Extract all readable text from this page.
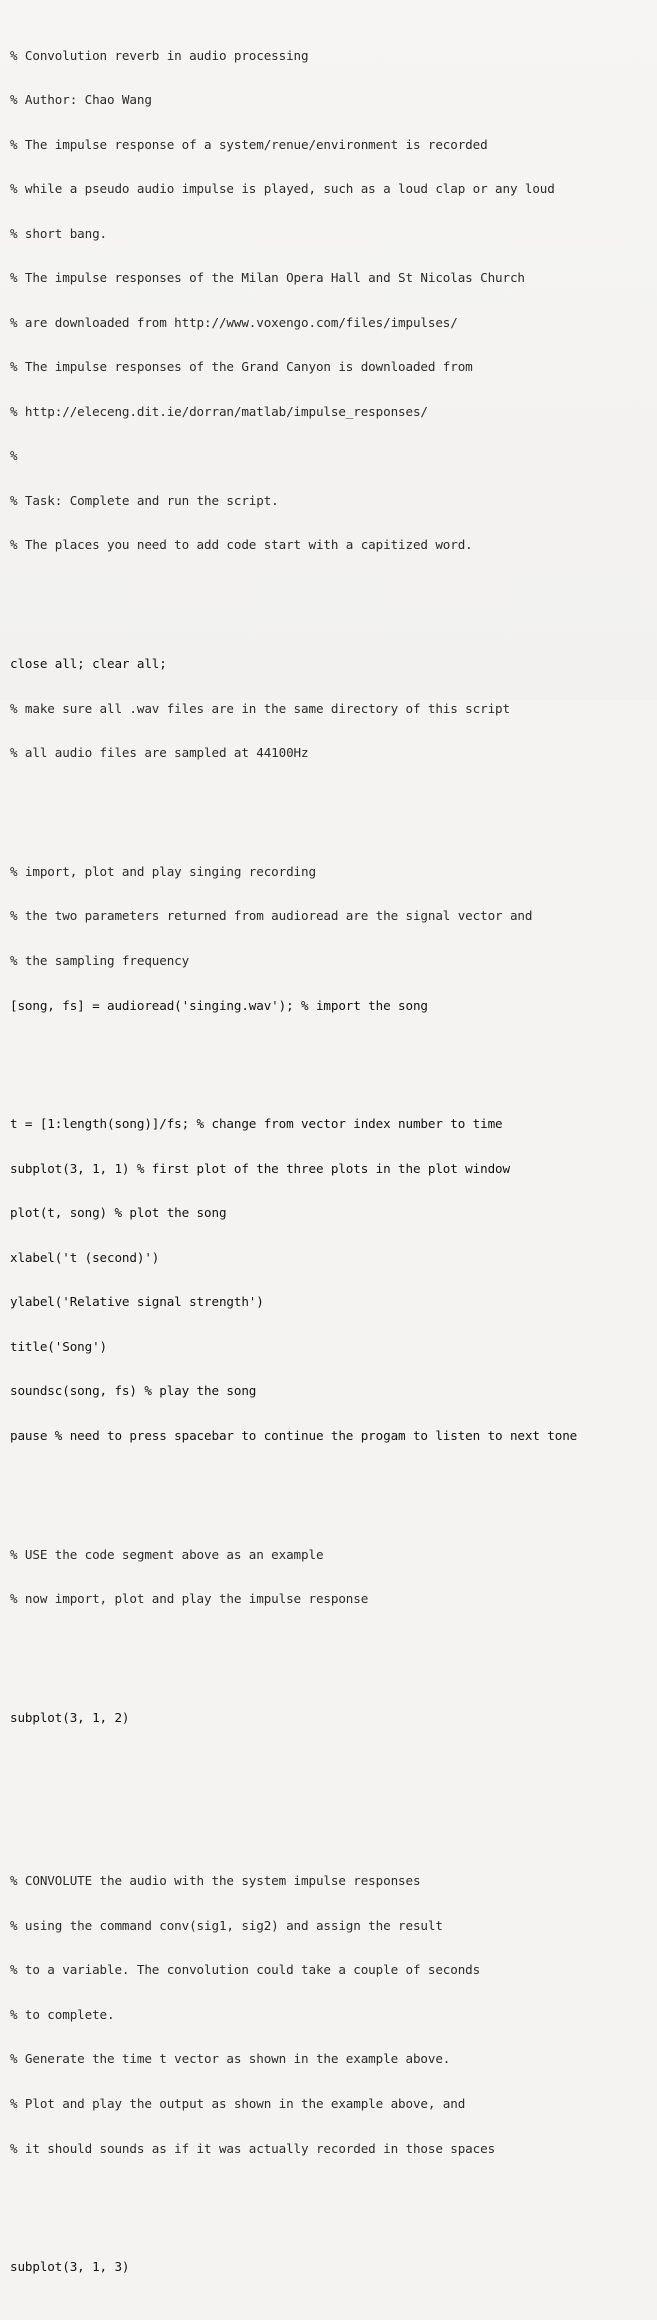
% Convolution reverb in audio processing

% Author: Chao Wang

% The impulse response of a system/renue/environment is recorded

% while a pseudo audio impulse is played, such as a loud clap or any loud

% short bang.

% The impulse responses of the Milan Opera Hall and St Nicolas Church

% are downloaded from http://www.voxengo.com/files/impulses/

% The impulse responses of the Grand Canyon is downloaded from

% http://eleceng.dit.ie/dorran/matlab/impulse_responses/

%

% Task: Complete and run the script.

% The places you need to add code start with a capitized word.

close all; clear all;

% make sure all .wav files are in the same directory of this script

% all audio files are sampled at 44100Hz

% import, plot and play singing recording

% the two parameters returned from audioread are the signal vector and

% the sampling frequency

[song, fs] = audioread('singing.wav'); % import the song

t = [1:length(song)]/fs; % change from vector index number to time

subplot(3, 1, 1) % first plot of the three plots in the plot window

plot(t, song) % plot the song

xlabel('t (second)')

ylabel('Relative signal strength')

title('Song')

soundsc(song, fs) % play the song

pause % need to press spacebar to continue the progam to listen to next tone

% USE the code segment above as an example

% now import, plot and play the impulse response

subplot(3, 1, 2)

% CONVOLUTE the audio with the system impulse responses

% using the command conv(sig1, sig2) and assign the result

% to a variable. The convolution could take a couple of seconds

% to complete.

% Generate the time t vector as shown in the example above.

% Plot and play the output as shown in the example above, and

% it should sounds as if it was actually recorded in those spaces

subplot(3, 1, 3)
